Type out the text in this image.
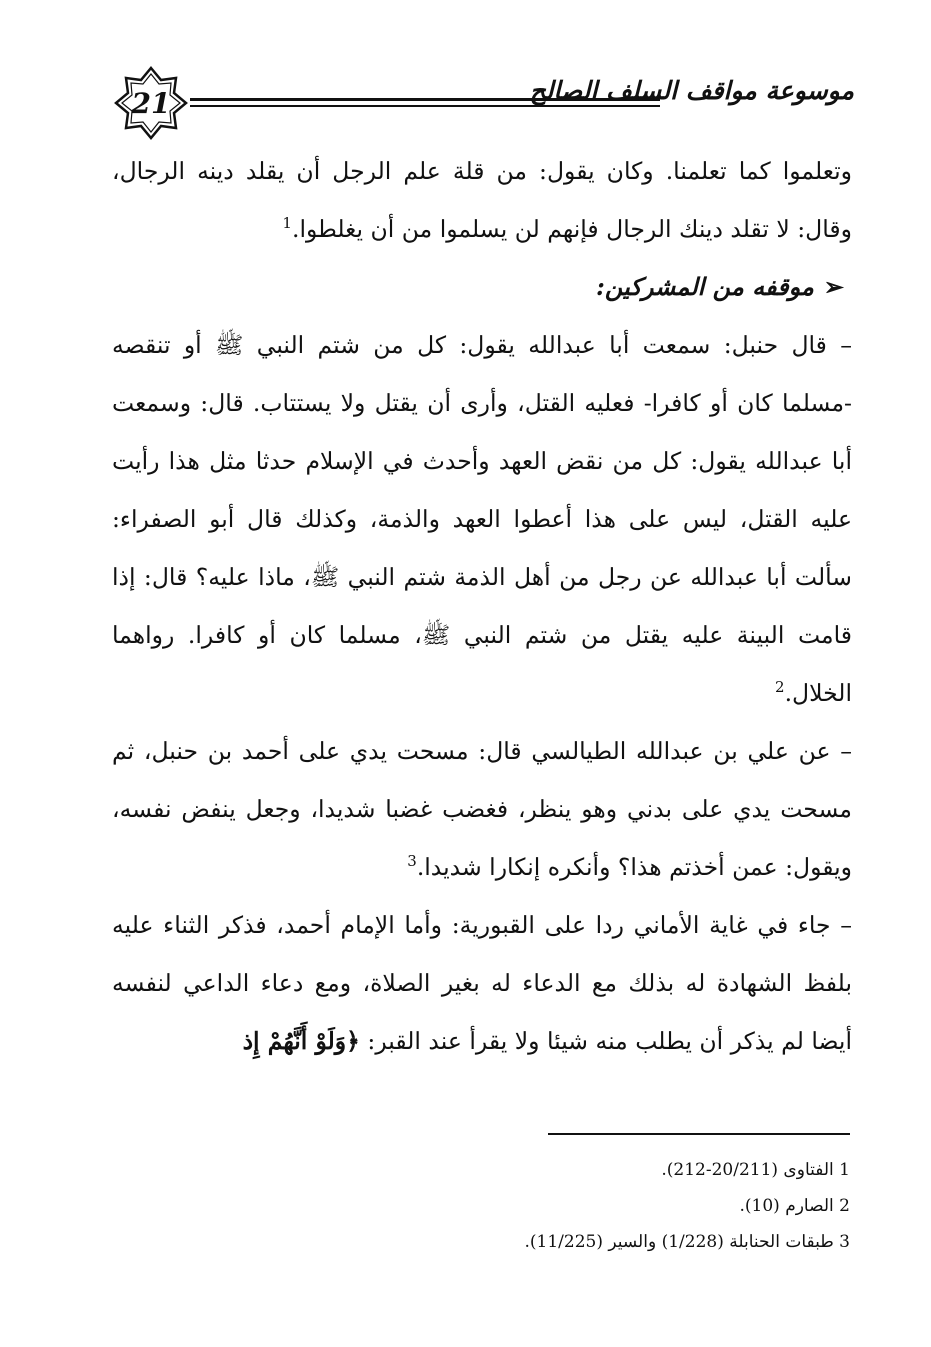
21	موسوعة مواقف السلف الصالح

وتعلموا كما تعلمنا. وكان يقول: من قلة علم الرجل أن يقلد دينه الرجال، وقال: لا تقلد دينك الرجال فإنهم لن يسلموا من أن يغلطوا.$^1$

➢موقفه من المشركين:

– قال حنبل: سمعت أبا عبدالله يقول: كل من شتم النبي ﷺ أو تنقصه -مسلما كان أو كافرا- فعليه القتل، وأرى أن يقتل ولا يستتاب. قال: وسمعت أبا عبدالله يقول: كل من نقض العهد وأحدث في الإسلام حدثا مثل هذا رأيت عليه القتل، ليس على هذا أعطوا العهد والذمة، وكذلك قال أبو الصفراء: سألت أبا عبدالله عن رجل من أهل الذمة شتم النبي ﷺ، ماذا عليه؟ قال: إذا قامت البينة عليه يقتل من شتم النبي ﷺ، مسلما كان أو كافرا. رواهما الخلال.$^2$

– عن علي بن عبدالله الطيالسي قال: مسحت يدي على أحمد بن حنبل، ثم مسحت يدي على بدني وهو ينظر، فغضب غضبا شديدا، وجعل ينفض نفسه، ويقول: عمن أخذتم هذا؟ وأنكره إنكارا شديدا.$^3$

– جاء في غاية الأماني ردا على القبورية: وأما الإمام أحمد، فذكر الثناء عليه بلفظ الشهادة له بذلك مع الدعاء له بغير الصلاة، ومع دعاء الداعي لنفسه أيضا لم يذكر أن يطلب منه شيئا ولا يقرأ عند القبر: ﴿وَلَوْ أَنَّهُمْ إِذ

1 الفتاوى (20/211-212).

2 الصارم (10).

3 طبقات الحنابلة (1/228) والسير (11/225).
